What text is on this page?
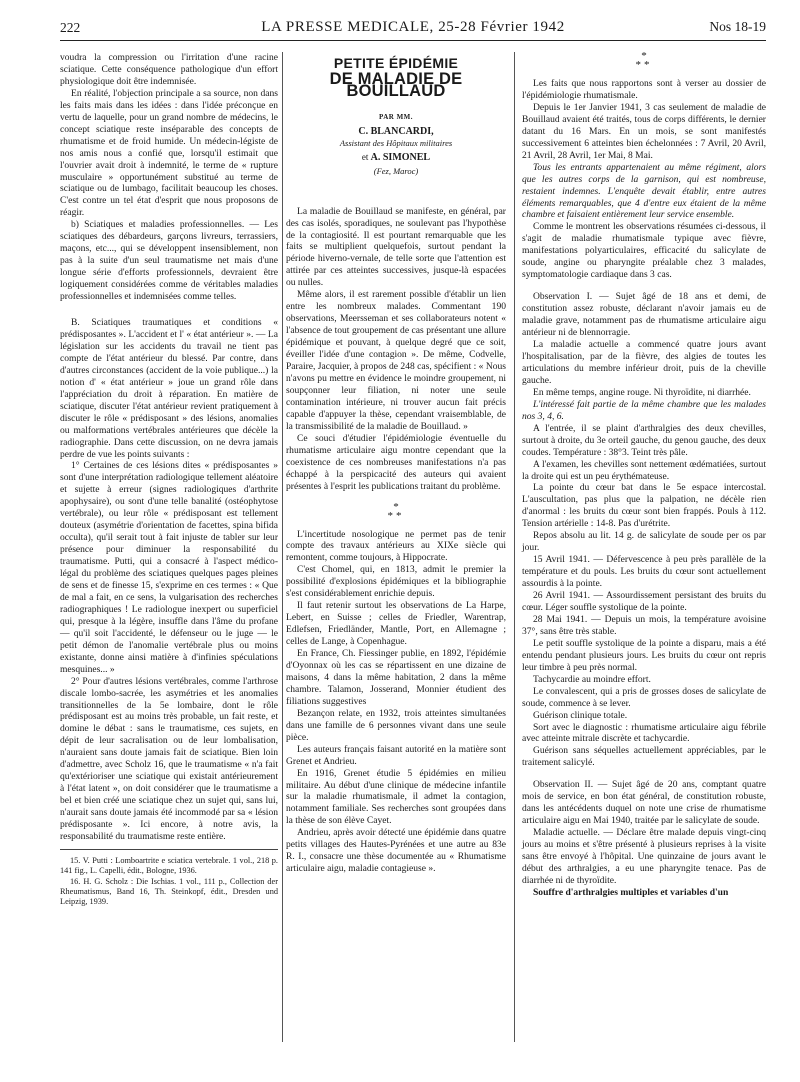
222	LA PRESSE MEDICALE, 25-28 Février 1942	Nos 18-19

voudra la compression ou l'irritation d'une racine sciatique. Cette conséquence pathologique d'un effort physiologique doit être indemnisée.

En réalité, l'objection principale a sa source, non dans les faits mais dans les idées : dans l'idée préconçue en vertu de laquelle, pour un grand nombre de médecins, le concept sciatique reste inséparable des concepts de rhumatisme et de froid humide. Un médecin-légiste de nos amis nous a confié que, lorsqu'il estimait que l'ouvrier avait droit à indemnité, le terme de « rupture musculaire » opportunément substitué au terme de sciatique ou de lumbago, facilitait beaucoup les choses. C'est contre un tel état d'esprit que nous proposons de réagir.

b) Sciatiques et maladies professionnelles. — Les sciatiques des débardeurs, garçons livreurs, terrassiers, maçons, etc..., qui se développent insensiblement, non pas à la suite d'un seul traumatisme net mais d'une longue série d'efforts professionnels, devraient être logiquement considérées comme de véritables maladies professionnelles et indemnisées comme telles.

B. Sciatiques traumatiques et conditions « prédisposantes ». L'accident et l' « état antérieur ». — La législation sur les accidents du travail ne tient pas compte de l'état antérieur du blessé. Par contre, dans d'autres circonstances (accident de la voie publique...) la notion d' « état antérieur » joue un grand rôle dans l'appréciation du droit à réparation. En matière de sciatique, discuter l'état antérieur revient pratiquement à discuter le rôle « prédisposant » des lésions, anomalies ou malformations vertébrales antérieures que décèle la radiographie. Dans cette discussion, on ne devra jamais perdre de vue les points suivants :

1° Certaines de ces lésions dites « prédisposantes » sont d'une interprétation radiologique tellement aléatoire et sujette à erreur (signes radiologiques d'arthrite apophysaire), ou sont d'une telle banalité (ostéophytose vertébrale), ou leur rôle « prédisposant est tellement douteux (asymétrie d'orientation de facettes, spina bifida occulta), qu'il serait tout à fait injuste de tabler sur leur présence pour diminuer la responsabilité du traumatisme. Putti, qui a consacré à l'aspect médico-légal du problème des sciatiques quelques pages pleines de sens et de finesse 15, s'exprime en ces termes : « Que de mal a fait, en ce sens, la vulgarisation des recherches radiographiques ! Le radiologue inexpert ou superficiel qui, presque à la légère, insuffle dans l'âme du profane — qu'il soit l'accidenté, le défenseur ou le juge — le petit démon de l'anomalie vertébrale plus ou moins existante, donne ainsi matière à d'infinies spéculations mesquines... »

2° Pour d'autres lésions vertébrales, comme l'arthrose discale lombo-sacrée, les asymétries et les anomalies transitionnelles de la 5e lombaire, dont le rôle prédisposant est au moins très probable, un fait reste, et domine le débat : sans le traumatisme, ces sujets, en dépit de leur sacralisation ou de leur lombalisation, n'auraient sans doute jamais fait de sciatique. Bien loin d'admettre, avec Scholz 16, que le traumatisme « n'a fait qu'extérioriser une sciatique qui existait antérieurement à l'état latent », on doit considérer que le traumatisme a bel et bien créé une sciatique chez un sujet qui, sans lui, n'aurait sans doute jamais été incommodé par sa « lésion prédisposante ». Ici encore, à notre avis, la responsabilité du traumatisme reste entière.

15. V. Putti : Lomboartrite e sciatica vertebrale. 1 vol., 218 p. 141 fig., L. Capelli, édit., Bologne, 1936.

16. H. G. Scholz : Die Ischias. 1 vol., 111 p., Collection der Rheumatismus, Band 16, Th. Steinkopf, édit., Dresden und Leipzig, 1939.

PETITE ÉPIDÉMIE
DE MALADIE DE BOUILLAUD
PAR MM.
C. BLANCARDI,
Assistant des Hôpitaux militaires
et A. SIMONEL
(Fez, Maroc)

La maladie de Bouillaud se manifeste, en général, par des cas isolés, sporadiques, ne soulevant pas l'hypothèse de la contagiosité. Il est pourtant remarquable que les faits se multiplient quelquefois, surtout pendant la période hiverno-vernale, de telle sorte que l'attention est attirée par ces atteintes successives, jusque-là espacées ou nulles.

Même alors, il est rarement possible d'établir un lien entre les nombreux malades. Commentant 190 observations, Meersseman et ses collaborateurs notent « l'absence de tout groupement de cas présentant une allure épidémique et pouvant, à quelque degré que ce soit, éveiller l'idée d'une contagion ». De même, Codvelle, Paraire, Jacquier, à propos de 248 cas, spécifient : « Nous n'avons pu mettre en évidence le moindre groupement, ni soupçonner leur filiation, ni noter une seule contamination intérieure, ni trouver aucun fait précis capable d'appuyer la thèse, cependant vraisemblable, de la transmissibilité de la maladie de Bouillaud. »

Ce souci d'étudier l'épidémiologie éventuelle du rhumatisme articulaire aigu montre cependant que la coexistence de ces nombreuses manifestations n'a pas échappé à la perspicacité des auteurs qui avaient présentes à l'esprit les publications traitant du problème.

*
**

L'incertitude nosologique ne permet pas de tenir compte des travaux antérieurs au XIXe siècle qui remontent, comme toujours, à Hippocrate.

C'est Chomel, qui, en 1813, admit le premier la possibilité d'explosions épidémiques et la bibliographie s'est considérablement enrichie depuis.

Il faut retenir surtout les observations de La Harpe, Lebert, en Suisse ; celles de Friedler, Warentrap, Edlefsen, Friedländer, Mantle, Port, en Allemagne ; celles de Lange, à Copenhague.

En France, Ch. Fiessinger publie, en 1892, l'épidémie d'Oyonnax où les cas se répartissent en une dizaine de maisons, 4 dans la même habitation, 2 dans la même chambre. Talamon, Josserand, Monnier étudient des filiations suggestives

Bezançon relate, en 1932, trois atteintes simultanées dans une famille de 6 personnes vivant dans une seule pièce.

Les auteurs français faisant autorité en la matière sont Grenet et Andrieu.

En 1916, Grenet étudie 5 épidémies en milieu militaire. Au début d'une clinique de médecine infantile sur la maladie rhumatismale, il admet la contagion, notamment familiale. Ses recherches sont groupées dans la thèse de son élève Cayet.

Andrieu, après avoir détecté une épidémie dans quatre petits villages des Hautes-Pyrénées et une autre au 83e R. I., consacre une thèse documentée au « Rhumatisme articulaire aigu, maladie contagieuse ».

*
**

Les faits que nous rapportons sont à verser au dossier de l'épidémiologie rhumatismale.

Depuis le 1er Janvier 1941, 3 cas seulement de maladie de Bouillaud avaient été traités, tous de corps différents, le dernier datant du 16 Mars. En un mois, se sont manifestés successivement 6 atteintes bien échelonnées : 7 Avril, 20 Avril, 21 Avril, 28 Avril, 1er Mai, 8 Mai.

Tous les entrants appartenaient au même régiment, alors que les autres corps de la garnison, qui est nombreuse, restaient indemnes. L'enquête devait établir, entre autres éléments remarquables, que 4 d'entre eux étaient de la même chambre et faisaient entièrement leur service ensemble.

Comme le montrent les observations résumées ci-dessous, il s'agit de maladie rhumatismale typique avec fièvre, manifestations polyarticulaires, efficacité du salicylate de soude, angine ou pharyngite préalable chez 3 malades, symptomatologie cardiaque dans 3 cas.

Observation I. — Sujet âgé de 18 ans et demi, de constitution assez robuste, déclarant n'avoir jamais eu de maladie grave, notamment pas de rhumatisme articulaire aigu antérieur ni de blennorragie.

La maladie actuelle a commencé quatre jours avant l'hospitalisation, par de la fièvre, des algies de toutes les articulations du membre inférieur droit, puis de la cheville gauche.

En même temps, angine rouge. Ni thyroïdite, ni diarrhée.

L'intéressé fait partie de la même chambre que les malades nos 3, 4, 6.

A l'entrée, il se plaint d'arthralgies des deux chevilles, surtout à droite, du 3e orteil gauche, du genou gauche, des deux coudes. Température : 38°3. Teint très pâle.

A l'examen, les chevilles sont nettement œdématiées, surtout la droite qui est un peu érythémateuse.

La pointe du cœur bat dans le 5e espace intercostal. L'auscultation, pas plus que la palpation, ne décèle rien d'anormal : les bruits du cœur sont bien frappés. Pouls à 112. Tension artérielle : 14-8. Pas d'urétrite.

Repos absolu au lit. 14 g. de salicylate de soude per os par jour.

15 Avril 1941. — Défervescence à peu près parallèle de la température et du pouls. Les bruits du cœur sont actuellement assourdis à la pointe.

26 Avril 1941. — Assourdissement persistant des bruits du cœur. Léger souffle systolique de la pointe.

28 Mai 1941. — Depuis un mois, la température avoisine 37°, sans être très stable.

Le petit souffle systolique de la pointe a disparu, mais a été entendu pendant plusieurs jours. Les bruits du cœur ont repris leur timbre à peu près normal.

Tachycardie au moindre effort.

Le convalescent, qui a pris de grosses doses de salicylate de soude, commence à se lever.

Guérison clinique totale.

Sort avec le diagnostic : rhumatisme articulaire aigu fébrile avec atteinte mitrale discrète et tachycardie.

Guérison sans séquelles actuellement appréciables, par le traitement salicylé.

Observation II. — Sujet âgé de 20 ans, comptant quatre mois de service, en bon état général, de constitution robuste, dans les antécédents duquel on note une crise de rhumatisme articulaire aigu en Mai 1940, traitée par le salicylate de soude.

Maladie actuelle. — Déclare être malade depuis vingt-cinq jours au moins et s'être présenté à plusieurs reprises à la visite sans être envoyé à l'hôpital. Une quinzaine de jours avant le début des arthralgies, a eu une pharyngite tenace. Pas de diarrhée ni de thyroïdite.

Souffre d'arthralgies multiples et variables d'un
